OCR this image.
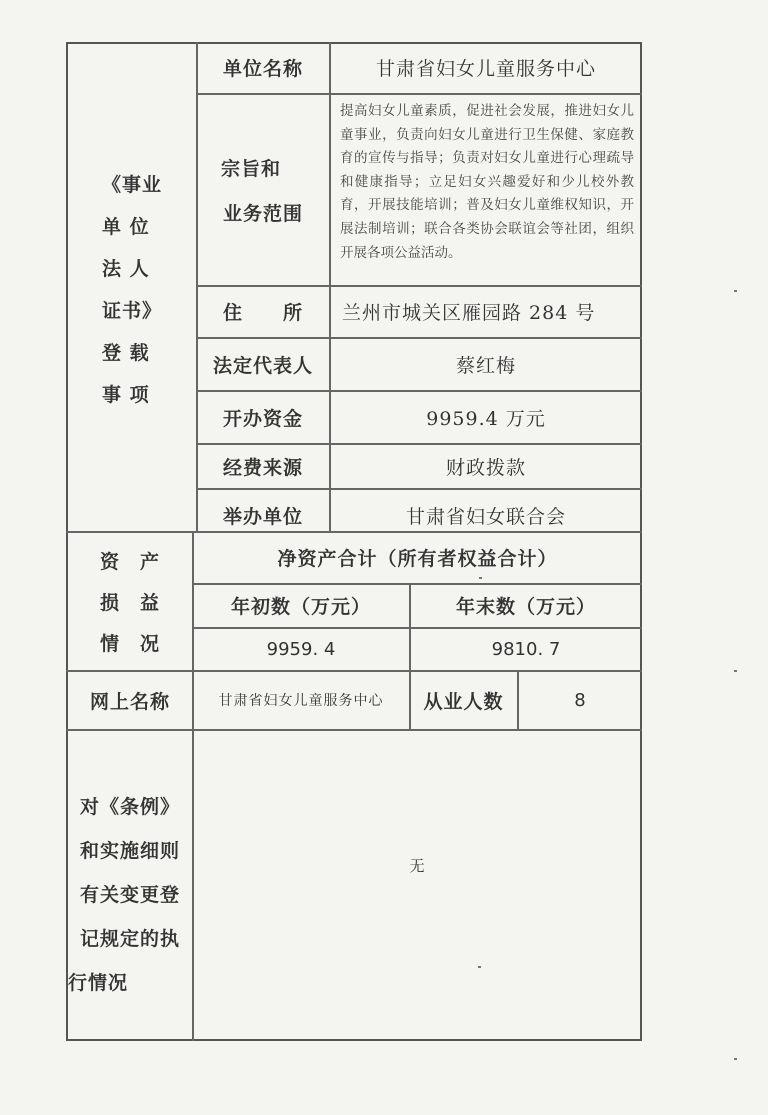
《事业
单 位
法 人
证书》
登 载
事 项
单位名称	甘肃省妇女儿童服务中心
宗旨和
业务范围
提高妇女儿童素质，促进社会发展，推进妇女儿童事业，负责向妇女儿童进行卫生保健、家庭教育的宣传与指导；负责对妇女儿童进行心理疏导和健康指导；立足妇女兴趣爱好和少儿校外教育，开展技能培训；普及妇女儿童维权知识，开展法制培训；联合各类协会联谊会等社团，组织开展各项公益活动。
住　　所	兰州市城关区雁园路 284 号
法定代表人	蔡红梅
开办资金	9959.4 万元
经费来源	财政拨款
举办单位	甘肃省妇女联合会
资　产
损　益
情　况
净资产合计（所有者权益合计）
年初数（万元）	年末数（万元）
9959. 4	9810. 7
网上名称	甘肃省妇女儿童服务中心	从业人数	8
对《条例》
和实施细则
有关变更登
记规定的执
行情况
无
